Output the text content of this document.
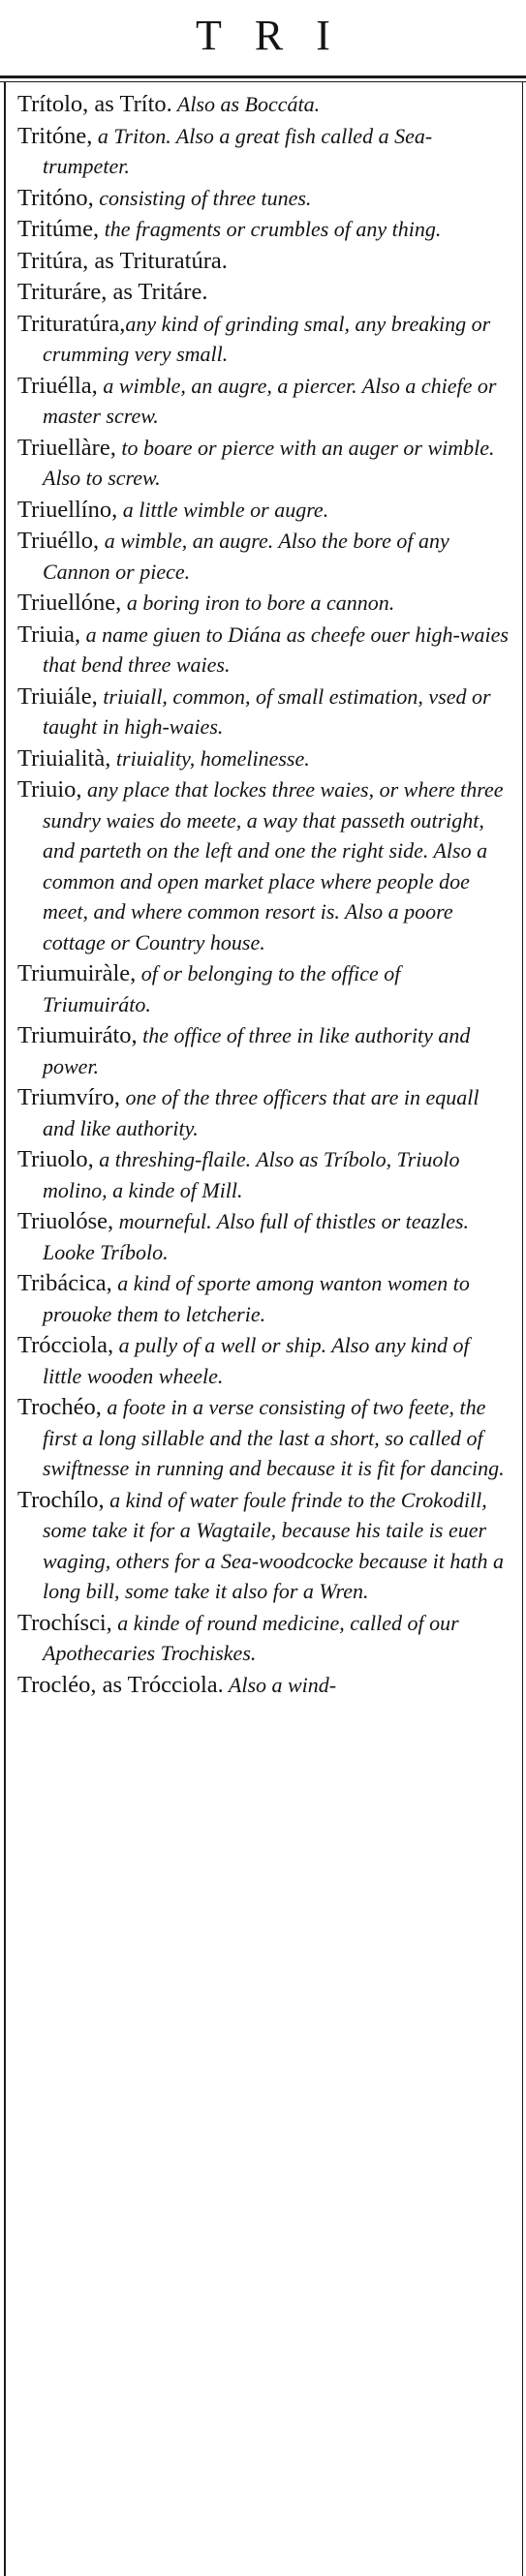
TRI

Trítolo, as Tríto. Also as Boccáta.

Tritóne, a Triton. Also a great fish called a Sea-trumpeter.

Tritóno, consisting of three tunes.

Tritúme, the fragments or crumbles of any thing.

Tritúra, as Trituratúra.

Trituráre, as Tritáre.

Trituratúra,any kind of grinding smal, any breaking or crumming very small.

Triuélla, a wimble, an augre, a piercer. Also a chiefe or master screw.

Triuellàre, to boare or pierce with an auger or wimble. Also to screw.

Triuellíno, a little wimble or augre.

Triuéllo, a wimble, an augre. Also the bore of any Cannon or piece.

Triuellóne, a boring iron to bore a cannon.

Triuia, a name giuen to Diána as cheefe ouer high-waies that bend three waies.

Triuiále, triuiall, common, of small estimation, vsed or taught in high-waies.

Triuialità, triuiality, homelinesse.

Triuio, any place that lockes three waies, or where three sundry waies do meete, a way that passeth outright, and parteth on the left and one the right side. Also a common and open market place where people doe meet, and where common resort is. Also a poore cottage or Country house.

Triumuiràle, of or belonging to the office of Triumuiráto.

Triumuiráto, the office of three in like authority and power.

Triumvíro, one of the three officers that are in equall and like authority.

Triuolo, a threshing-flaile. Also as Tríbolo, Triuolo molino, a kinde of Mill.

Triuolóse, mourneful. Also full of thistles or teazles. Looke Tríbolo.

Tribácica, a kind of sporte among wanton women to prouoke them to letcherie.

Trócciola, a pully of a well or ship. Also any kind of little wooden wheele.

Trochéo, a foote in a verse consisting of two feete, the first a long sillable and the last a short, so called of swiftnesse in running and because it is fit for dancing.

Trochílo, a kind of water foule frinde to the Crokodill, some take it for a Wagtaile, because his taile is euer waging, others for a Sea-woodcocke because it hath a long bill, some take it also for a Wren.

Trochísci, a kinde of round medicine, called of our Apothecaries Trochiskes.

Trocléo, as Trócciola. Also a wind-
